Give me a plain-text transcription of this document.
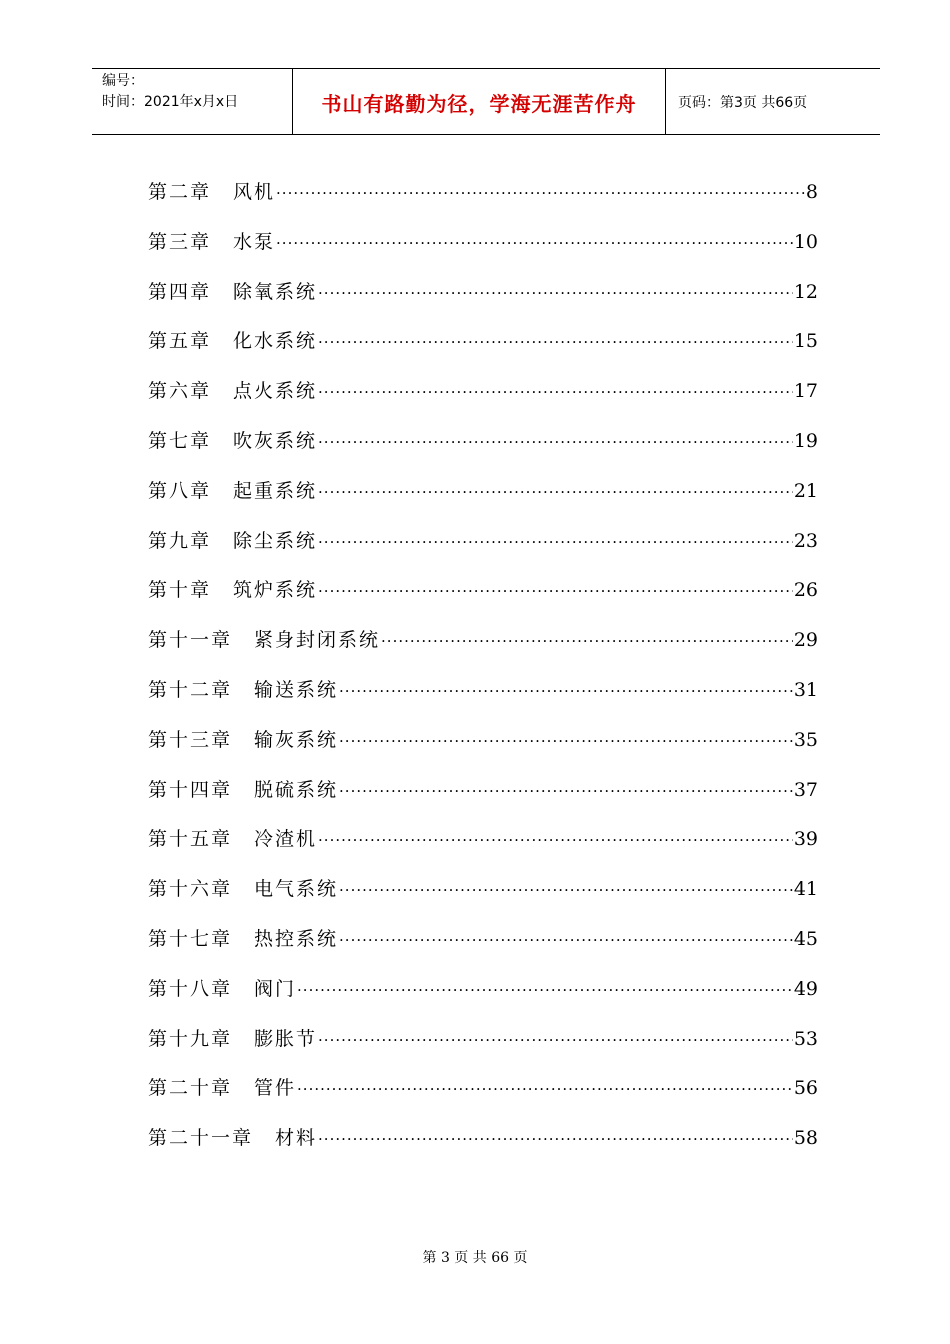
编号：
时间：2021年x月x日	书山有路勤为径，学海无涯苦作舟	页码：第3页 共66页
第二章 风机 ·····	8
第三章 水泵 ·····	10
第四章 除氧系统 ·····	12
第五章 化水系统 ·····	15
第六章 点火系统 ·····	17
第七章 吹灰系统 ·····	19
第八章 起重系统 ·····	21
第九章 除尘系统 ·····	23
第十章 筑炉系统 ·····	26
第十一章 紧身封闭系统 ·····	29
第十二章 输送系统 ·····	31
第十三章 输灰系统 ·····	35
第十四章 脱硫系统 ·····	37
第十五章 冷渣机 ·····	39
第十六章 电气系统 ·····	41
第十七章 热控系统 ·····	45
第十八章 阀门 ·····	49
第十九章 膨胀节 ·····	53
第二十章 管件 ·····	56
第二十一章 材料 ·····	58
第 3 页 共 66 页
